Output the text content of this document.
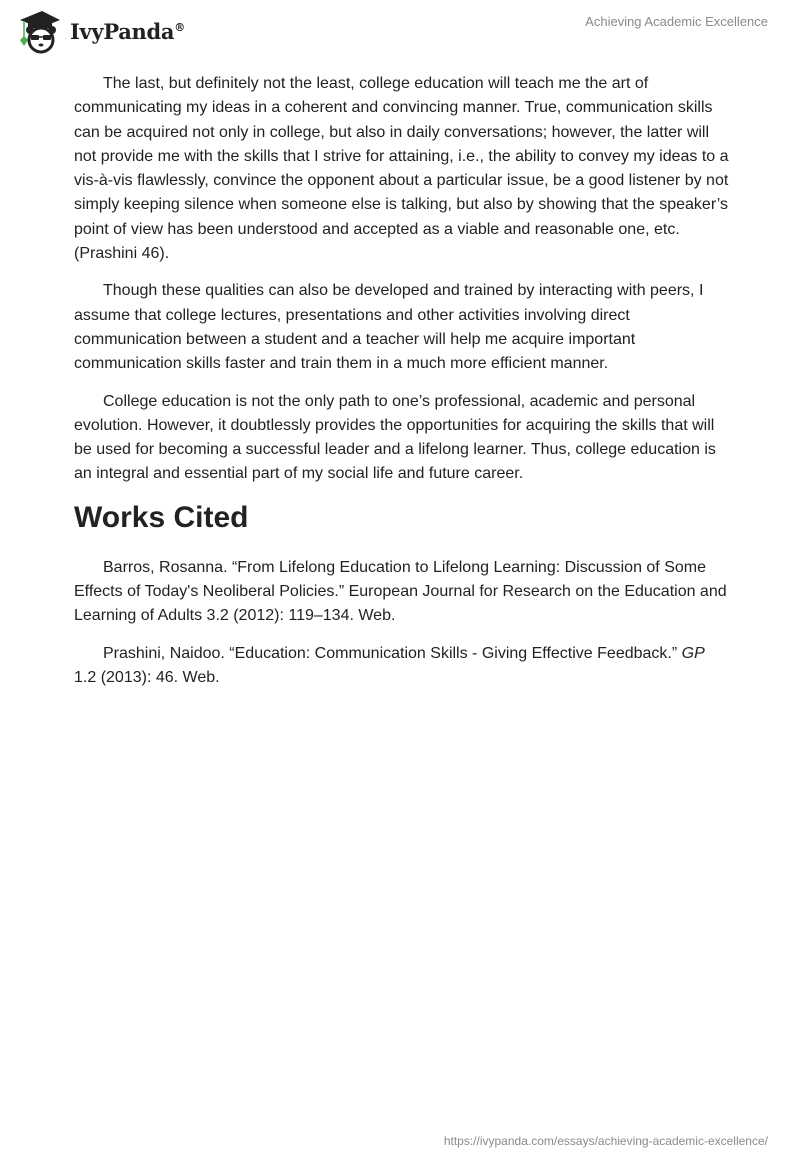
IvyPanda®	Achieving Academic Excellence

The last, but definitely not the least, college education will teach me the art of communicating my ideas in a coherent and convincing manner. True, communication skills can be acquired not only in college, but also in daily conversations; however, the latter will not provide me with the skills that I strive for attaining, i.e., the ability to convey my ideas to a vis-à-vis flawlessly, convince the opponent about a particular issue, be a good listener by not simply keeping silence when someone else is talking, but also by showing that the speaker’s point of view has been understood and accepted as a viable and reasonable one, etc. (Prashini 46).

Though these qualities can also be developed and trained by interacting with peers, I assume that college lectures, presentations and other activities involving direct communication between a student and a teacher will help me acquire important communication skills faster and train them in a much more efficient manner.

College education is not the only path to one’s professional, academic and personal evolution. However, it doubtlessly provides the opportunities for acquiring the skills that will be used for becoming a successful leader and a lifelong learner. Thus, college education is an integral and essential part of my social life and future career.

Works Cited

Barros, Rosanna. “From Lifelong Education to Lifelong Learning: Discussion of Some Effects of Today's Neoliberal Policies.” European Journal for Research on the Education and Learning of Adults 3.2 (2012): 119–134. Web.

Prashini, Naidoo. “Education: Communication Skills - Giving Effective Feedback.” GP 1.2 (2013): 46. Web.

https://ivypanda.com/essays/achieving-academic-excellence/
